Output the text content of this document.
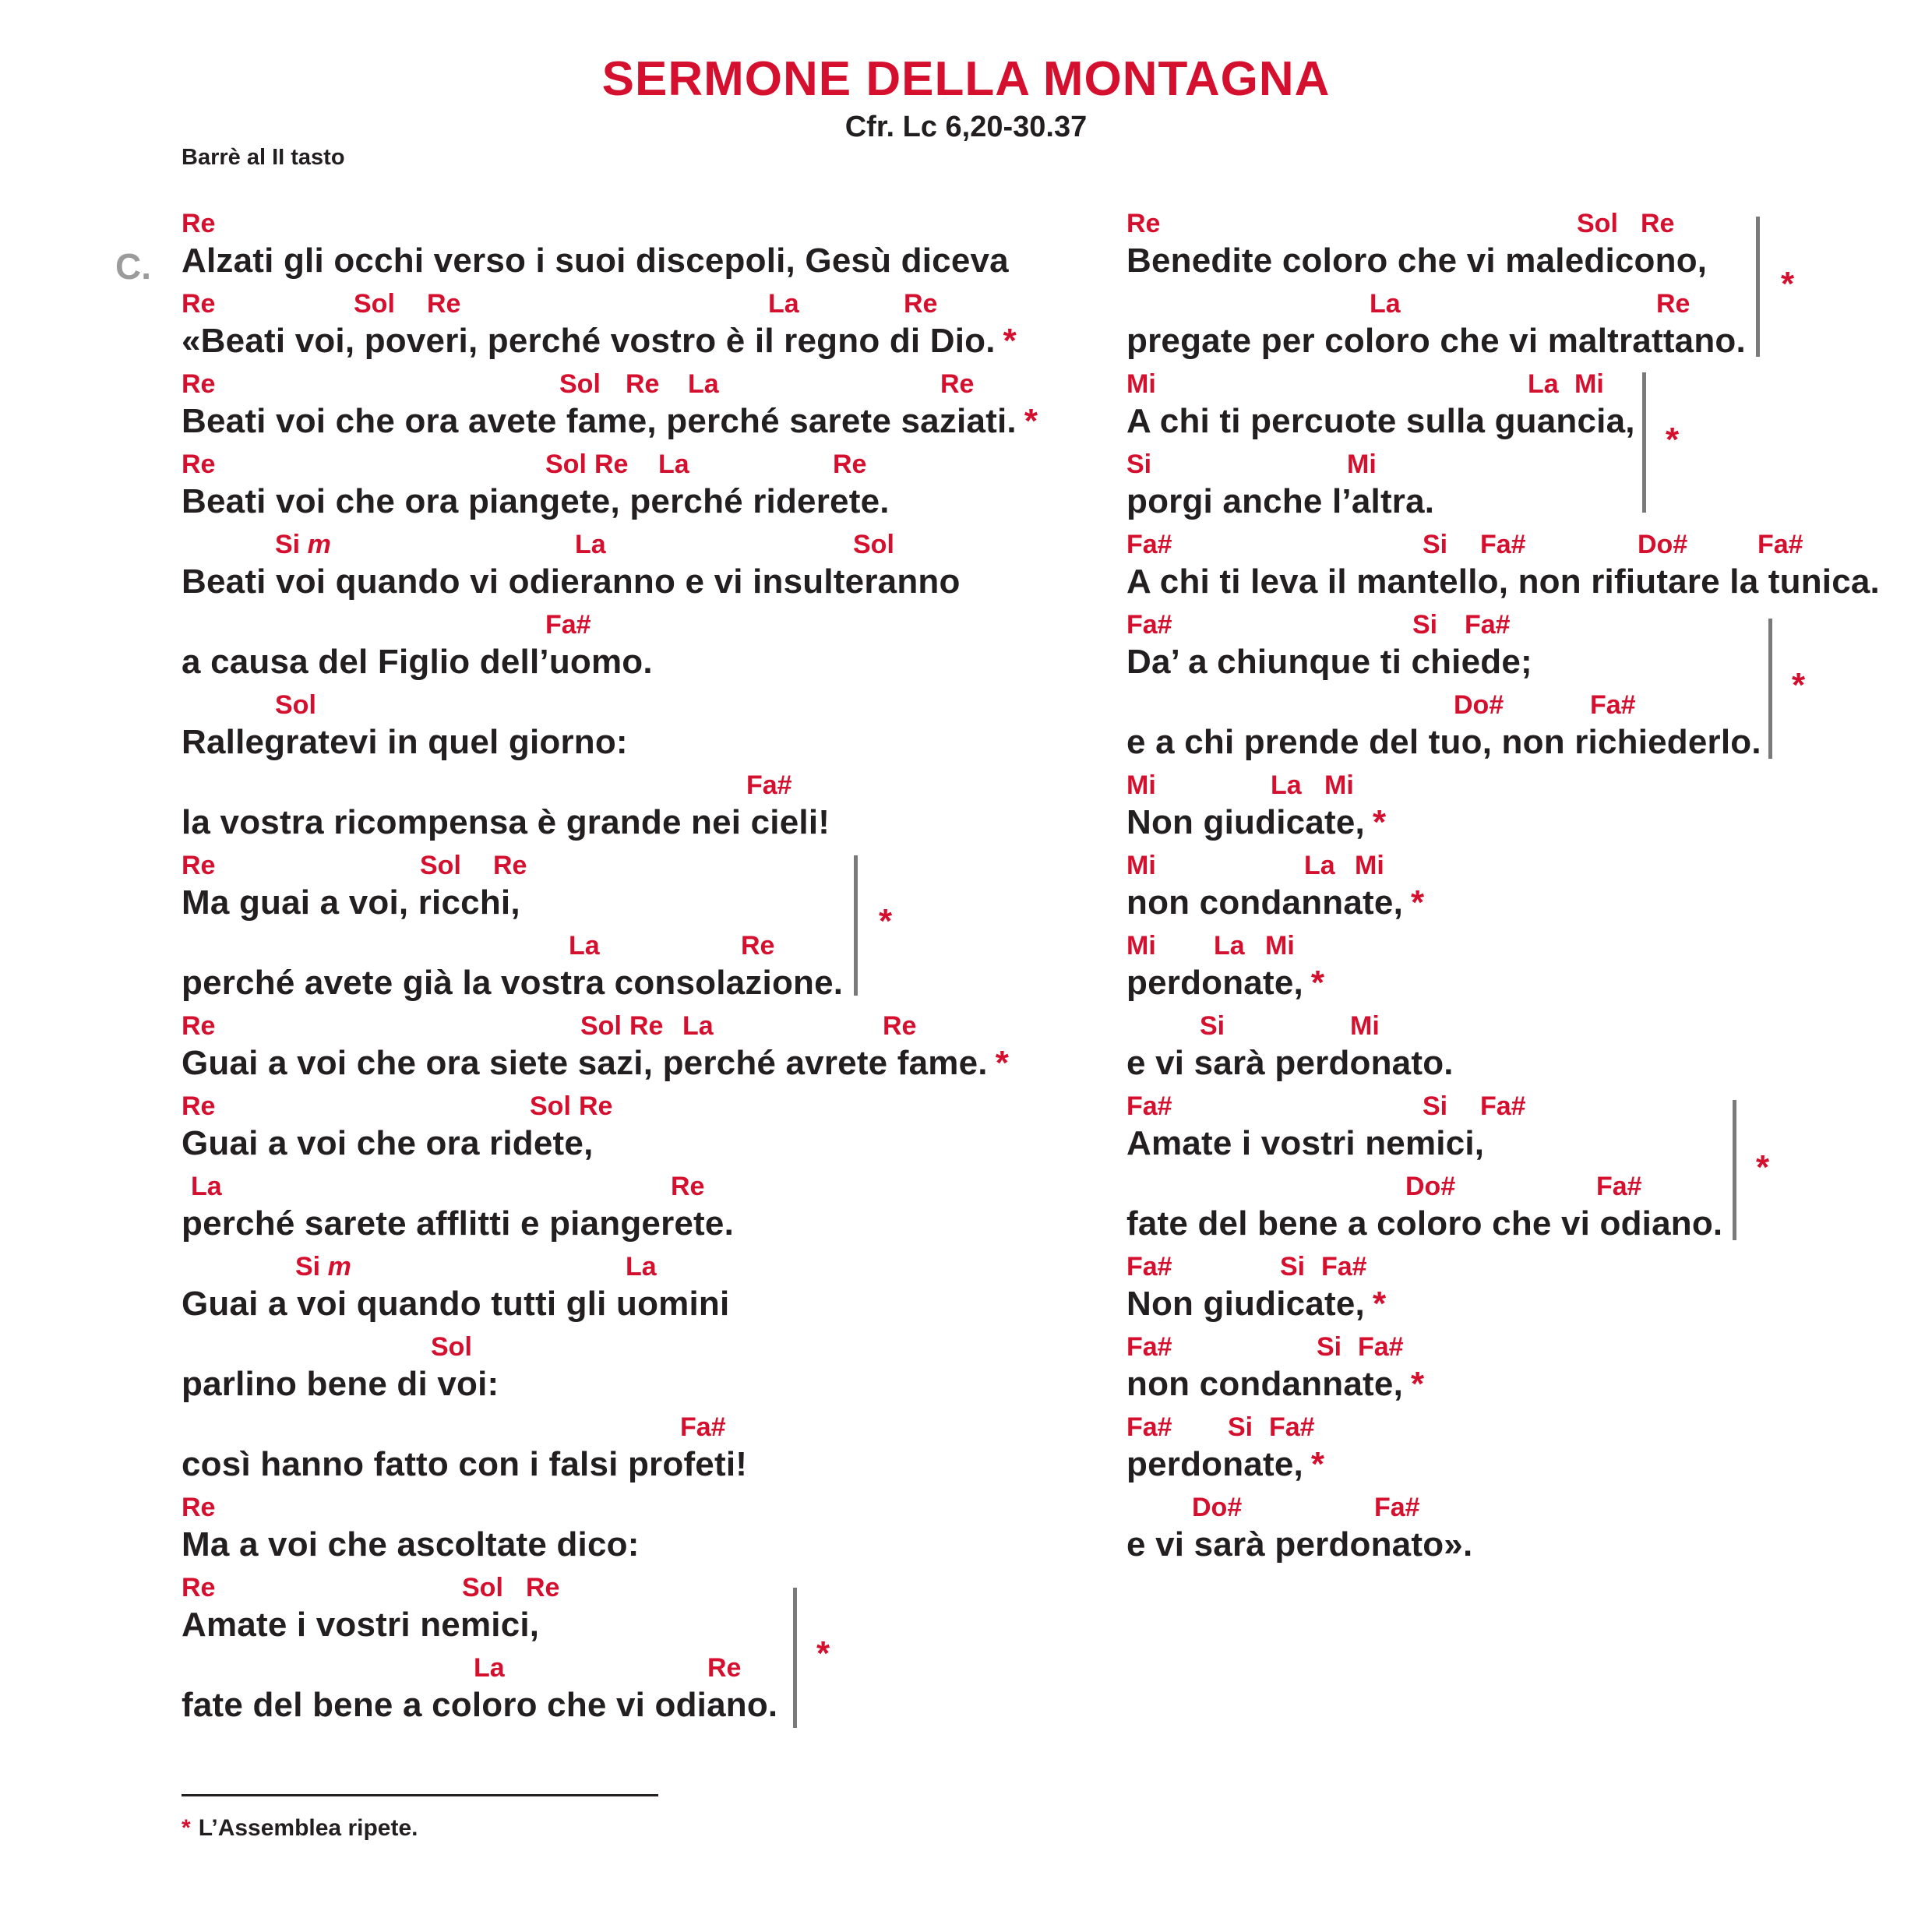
SERMONE DELLA MONTAGNA
Cfr. Lc 6,20-30.37
Barrè al II tasto
C.
Re
Alzati gli occhi verso i suoi discepoli, Gesù diceva
Re	Sol Re	La	Re
«Beati voi, poveri, perché vostro è il regno di Dio. *
Re	Sol Re La	Re
Beati voi che ora avete fame, perché sarete saziati. *
Re	Sol Re La	Re
Beati voi che ora piangete, perché riderete.
Si m	La	Sol
Beati voi quando vi odieranno e vi insulteranno
Fa#
a causa del Figlio dell’uomo.
Sol
Rallegratevi in quel giorno:
Fa#
la vostra ricompensa è grande nei cieli!
Re	Sol Re
Ma guai a voi, ricchi,
La	Re
perché avete già la vostra consolazione.
Re	Sol Re La	Re
Guai a voi che ora siete sazi, perché avrete fame. *
Re	Sol Re
Guai a voi che ora ridete,
La	Re
perché sarete afflitti e piangerete.
Si m	La
Guai a voi quando tutti gli uomini
Sol
parlino bene di voi:
Fa#
così hanno fatto con i falsi profeti!
Re
Ma a voi che ascoltate dico:
Re	Sol Re
Amate i vostri nemici,
La	Re
fate del bene a coloro che vi odiano.
Re	Sol Re
Benedite coloro che vi maledicono,
La	Re
pregate per coloro che vi maltrattano.
Mi	La Mi
A chi ti percuote sulla guancia,
Si	Mi
porgi anche l’altra.
Fa#	Si Fa#	Do#	Fa#
A chi ti leva il mantello, non rifiutare la tunica.
Fa#	Si Fa#
Da’ a chiunque ti chiede;
Do#	Fa#
e a chi prende del tuo, non richiederlo.
Mi	La Mi
Non giudicate, *
Mi	La Mi
non condannate, *
Mi La Mi
perdonate, *
Si	Mi
e vi sarà perdonato.
Fa#	Si Fa#
Amate i vostri nemici,
Do#	Fa#
fate del bene a coloro che vi odiano.
Fa#	Si Fa#
Non giudicate, *
Fa#	Si Fa#
non condannate, *
Fa# Si Fa#
perdonate, *
Do#	Fa#
e vi sarà perdonato».
*
*
*
*
*
*
* L’Assemblea ripete.
